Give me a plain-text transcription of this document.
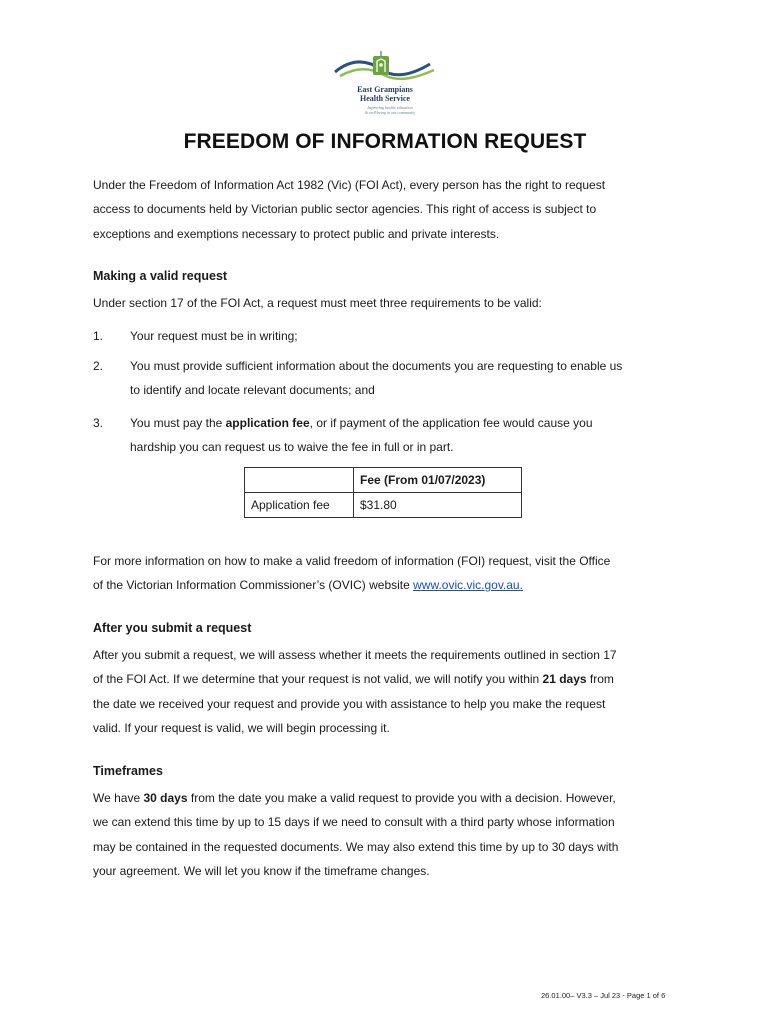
East Grampians
Health Service
Improving health, education
& well-being in our community
FREEDOM OF INFORMATION REQUEST
Under the Freedom of Information Act 1982 (Vic) (FOI Act), every person has the right to request
access to documents held by Victorian public sector agencies. This right of access is subject to
exceptions and exemptions necessary to protect public and private interests.
Making a valid request
Under section 17 of the FOI Act, a request must meet three requirements to be valid:
1.	Your request must be in writing;
2.	You must provide sufficient information about the documents you are requesting to enable us
to identify and locate relevant documents; and
3.	You must pay the application fee, or if payment of the application fee would cause you
hardship you can request us to waive the fee in full or in part.
	Fee (From 01/07/2023)
Application fee	$31.80
For more information on how to make a valid freedom of information (FOI) request, visit the Office
of the Victorian Information Commissioner’s (OVIC) website www.ovic.vic.gov.au.
After you submit a request
After you submit a request, we will assess whether it meets the requirements outlined in section 17
of the FOI Act. If we determine that your request is not valid, we will notify you within 21 days from
the date we received your request and provide you with assistance to help you make the request
valid. If your request is valid, we will begin processing it.
Timeframes
We have 30 days from the date you make a valid request to provide you with a decision. However,
we can extend this time by up to 15 days if we need to consult with a third party whose information
may be contained in the requested documents. We may also extend this time by up to 30 days with
your agreement. We will let you know if the timeframe changes.
26.01.00– V3.3 – Jul 23 - Page 1 of 6
